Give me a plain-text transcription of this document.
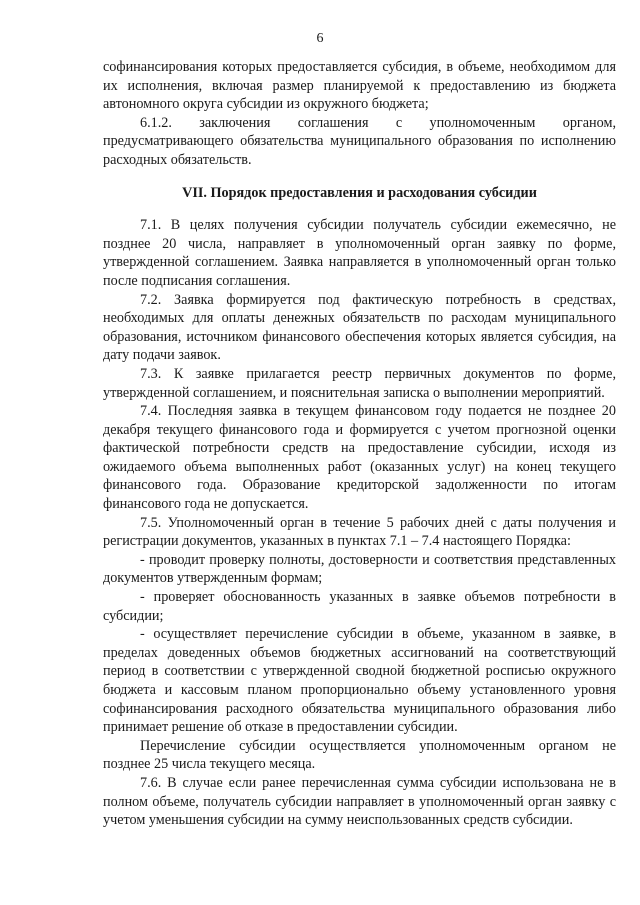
6

софинансирования которых предоставляется субсидия, в объеме, необходимом для их исполнения, включая размер планируемой к предоставлению из бюджета автономного округа субсидии из окружного бюджета;

6.1.2. заключения соглашения с уполномоченным органом, предусматривающего обязательства муниципального образования по исполнению расходных обязательств.

VII. Порядок предоставления и расходования субсидии

7.1. В целях получения субсидии получатель субсидии ежемесячно, не позднее 20 числа, направляет в уполномоченный орган заявку по форме, утвержденной соглашением. Заявка направляется в уполномоченный орган только после подписания соглашения.

7.2. Заявка формируется под фактическую потребность в средствах, необходимых для оплаты денежных обязательств по расходам муниципального образования, источником финансового обеспечения которых является субсидия, на дату подачи заявок.

7.3. К заявке прилагается реестр первичных документов по форме, утвержденной соглашением, и пояснительная записка о выполнении мероприятий.

7.4. Последняя заявка в текущем финансовом году подается не позднее 20 декабря текущего финансового года и формируется с учетом прогнозной оценки фактической потребности средств на предоставление субсидии, исходя из ожидаемого объема выполненных работ (оказанных услуг) на конец текущего финансового года. Образование кредиторской задолженности по итогам финансового года не допускается.

7.5. Уполномоченный орган в течение 5 рабочих дней с даты получения и регистрации документов, указанных в пунктах 7.1 – 7.4 настоящего Порядка:

- проводит проверку полноты, достоверности и соответствия представленных документов утвержденным формам;

- проверяет обоснованность указанных в заявке объемов потребности в субсидии;

- осуществляет перечисление субсидии в объеме, указанном в заявке, в пределах доведенных объемов бюджетных ассигнований на соответствующий период в соответствии с утвержденной сводной бюджетной росписью окружного бюджета и кассовым планом пропорционально объему установленного уровня софинансирования расходного обязательства муниципального образования либо принимает решение об отказе в предоставлении субсидии.

Перечисление субсидии осуществляется уполномоченным органом не позднее 25 числа текущего месяца.

7.6. В случае если ранее перечисленная сумма субсидии использована не в полном объеме, получатель субсидии направляет в уполномоченный орган заявку с учетом уменьшения субсидии на сумму неиспользованных средств субсидии.
